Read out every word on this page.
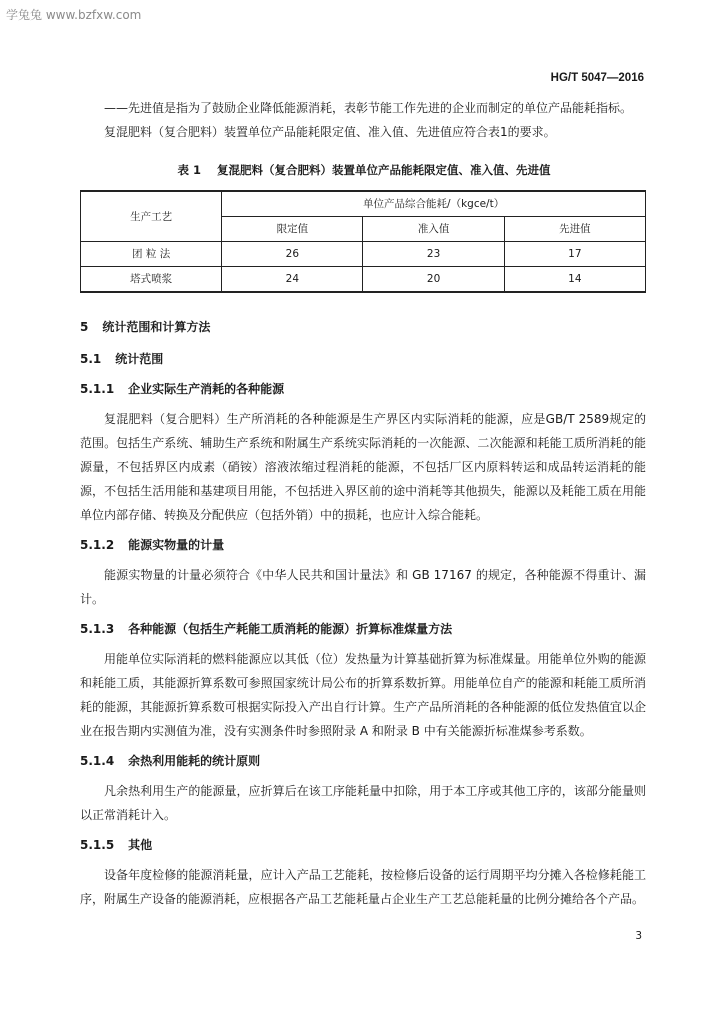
学兔兔 www.bzfxw.com
HG/T 5047—2016

——先进值是指为了鼓励企业降低能源消耗，表彰节能工作先进的企业而制定的单位产品能耗指标。

复混肥料（复合肥料）装置单位产品能耗限定值、准入值、先进值应符合表1的要求。

表 1 复混肥料（复合肥料）装置单位产品能耗限定值、准入值、先进值
生产工艺	单位产品综合能耗/（kgce/t）		
	限定值	准入值	先进值
团 粒 法	26	23	17
塔式喷浆	24	20	14
5 统计范围和计算方法
5.1 统计范围
5.1.1 企业实际生产消耗的各种能源

复混肥料（复合肥料）生产所消耗的各种能源是生产界区内实际消耗的能源，应是GB/T 2589规定的范围。包括生产系统、辅助生产系统和附属生产系统实际消耗的一次能源、二次能源和耗能工质所消耗的能源量，不包括界区内成素（硝铵）溶液浓缩过程消耗的能源，不包括厂区内原料转运和成品转运消耗的能源，不包括生活用能和基建项目用能，不包括进入界区前的途中消耗等其他损失，能源以及耗能工质在用能单位内部存储、转换及分配供应（包括外销）中的损耗，也应计入综合能耗。

5.1.2 能源实物量的计量

能源实物量的计量必须符合《中华人民共和国计量法》和 GB 17167 的规定，各种能源不得重计、漏计。

5.1.3 各种能源（包括生产耗能工质消耗的能源）折算标准煤量方法

用能单位实际消耗的燃料能源应以其低（位）发热量为计算基础折算为标准煤量。用能单位外购的能源和耗能工质，其能源折算系数可参照国家统计局公布的折算系数折算。用能单位自产的能源和耗能工质所消耗的能源，其能源折算系数可根据实际投入产出自行计算。生产产品所消耗的各种能源的低位发热值宜以企业在报告期内实测值为准，没有实测条件时参照附录 A 和附录 B 中有关能源折标准煤参考系数。

5.1.4 余热利用能耗的统计原则

凡余热利用生产的能源量，应折算后在该工序能耗量中扣除，用于本工序或其他工序的，该部分能量则以正常消耗计入。

5.1.5 其他

设备年度检修的能源消耗量，应计入产品工艺能耗，按检修后设备的运行周期平均分摊入各检修耗能工序，附属生产设备的能源消耗，应根据各产品工艺能耗量占企业生产工艺总能耗量的比例分摊给各个产品。

3
